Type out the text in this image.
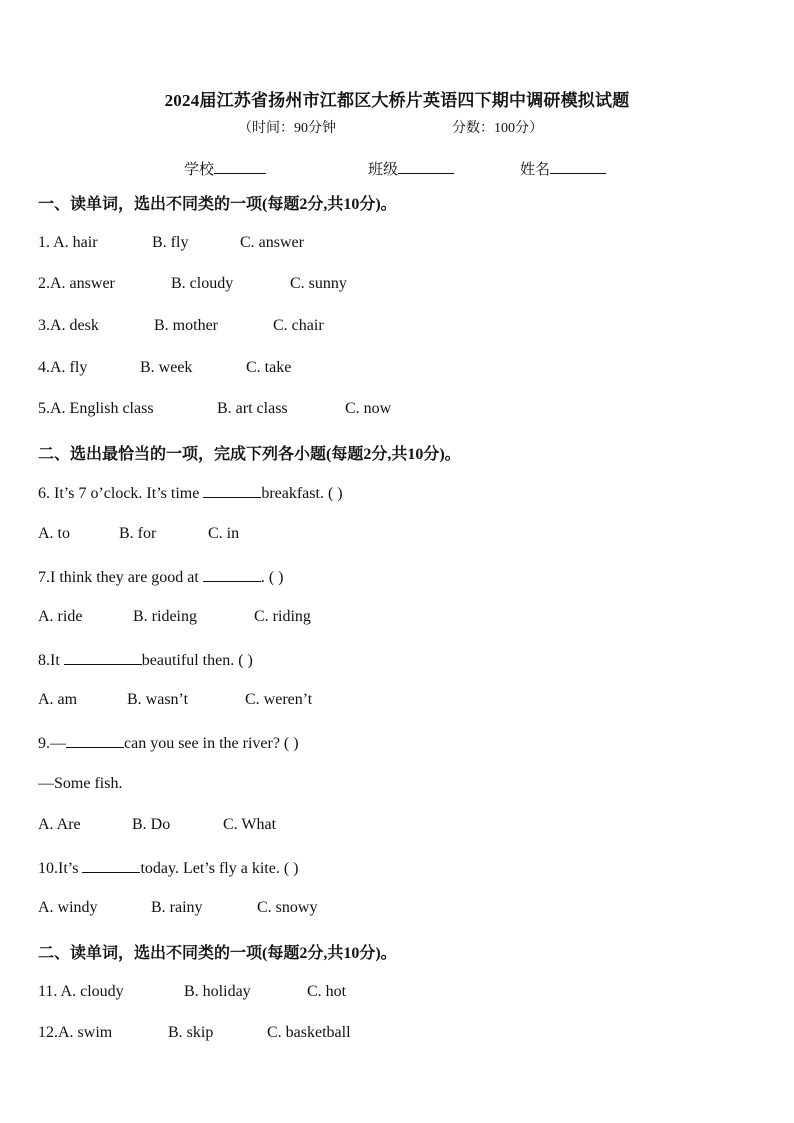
2024届江苏省扬州市江都区大桥片英语四下期中调研模拟试题
（时间：90分钟	分数：100分）
学校	班级	姓名
一、读单词，选出不同类的一项(每题2分,共10分)。
1. A. hair	B. fly	C. answer
2.A. answer	B. cloudy	C. sunny
3.A. desk	B. mother	C. chair
4.A. fly	B. week	C. take
5.A. English class	B. art class	C. now
二、选出最恰当的一项，完成下列各小题(每题2分,共10分)。
6. It’s 7 o’clock. It’s time	breakfast. ( )
A. to	B. for	C. in
7.I think they are good at	. ( )
A. ride	B. rideing	C. riding
8.It	beautiful then. ( )
A. am	B. wasn’t	C. weren’t
9.—	can you see in the river? ( )
—Some fish.
A. Are	B. Do	C. What
10.It’s	today. Let’s fly a kite. ( )
A. windy	B. rainy	C. snowy
二、读单词，选出不同类的一项(每题2分,共10分)。
11. A. cloudy	B. holiday	C. hot
12.A. swim	B. skip	C. basketball
